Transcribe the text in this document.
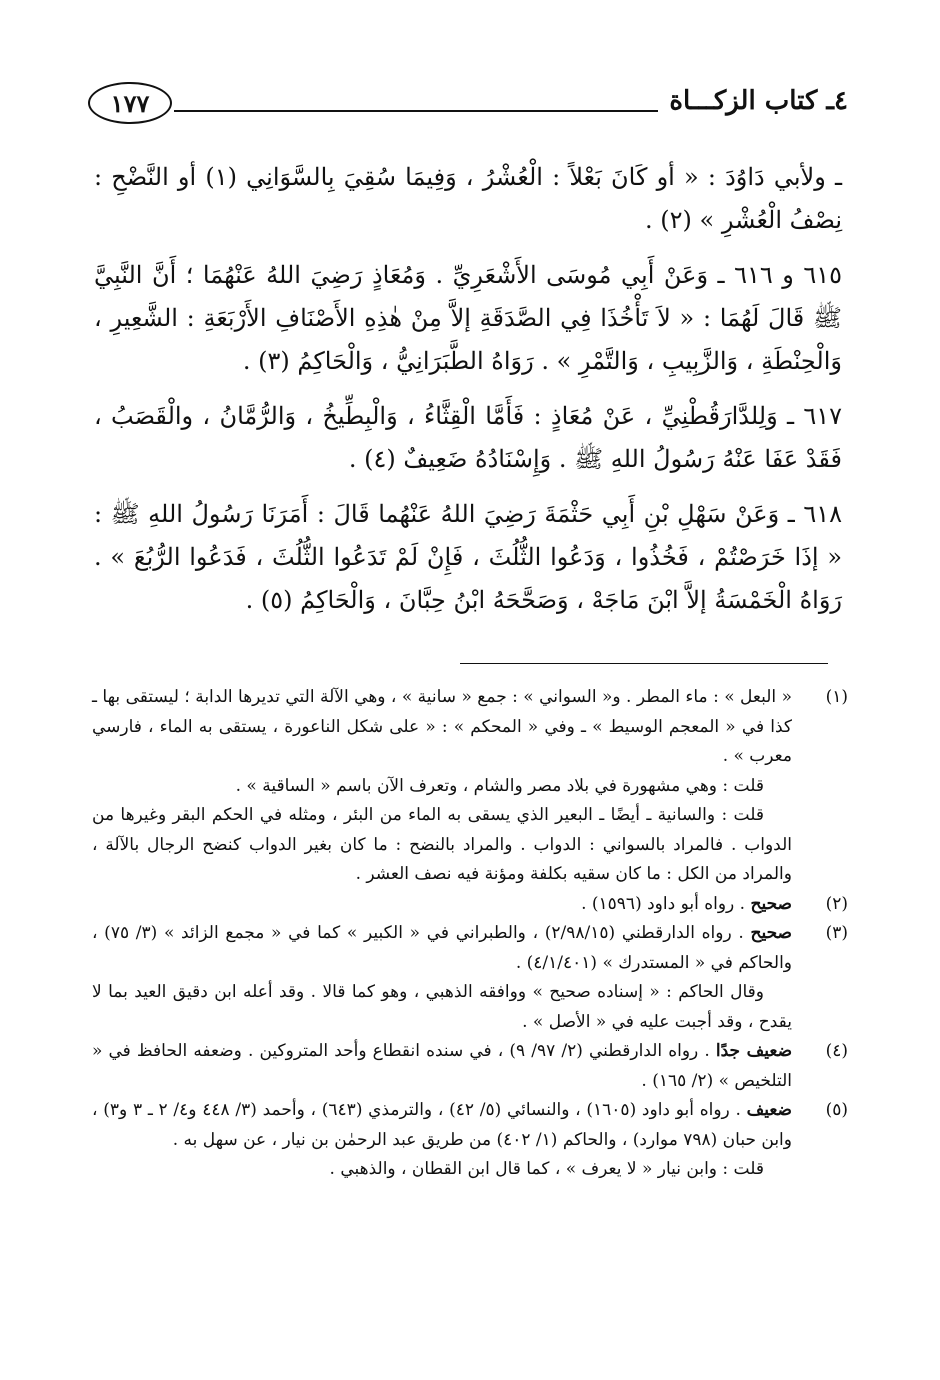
٤ـ كتاب الزكـــاة
١٧٧

ـ ولأبي دَاوُدَ : « أو كَانَ بَعْلاً : الْعُشْرُ ، وَفِيمَا سُقِيَ بِالسَّوَانِي (١) أو النَّضْحِ : نِصْفُ الْعُشْرِ » (٢) .

٦١٥ و ٦١٦ ـ وَعَنْ أَبِي مُوسَى الأَشْعَرِيِّ . وَمُعَاذٍ رَضِيَ اللهُ عَنْهُمَا ؛ أَنَّ النَّبِيَّ ﷺ قَالَ لَهُمَا : « لاَ تَأْخُذَا فِي الصَّدَقَةِ إلاَّ مِنْ هٰذِهِ الأَصْنَافِ الأَرْبَعَةِ : الشَّعِيرِ ، وَالْحِنْطَةِ ، وَالزَّبِيبِ ، وَالتَّمْرِ » . رَوَاهُ الطَّبَرَانِيُّ ، وَالْحَاكِمُ (٣) .

٦١٧ ـ وَلِلدَّارَقُطْنِيِّ ، عَنْ مُعَاذٍ : فَأَمَّا الْقِثَّاءُ ، وَالْبِطِّيخُ ، وَالرُّمَّانُ ، والْقَصَبُ ، فَقَدْ عَفَا عَنْهُ رَسُولُ اللهِ ﷺ . وَإِسْنَادُهُ ضَعِيفٌ (٤) .

٦١٨ ـ وَعَنْ سَهْلِ بْنِ أَبِي حَثْمَةَ رَضِيَ اللهُ عَنْهُما قَالَ : أَمَرَنَا رَسُولُ اللهِ ﷺ : « إذَا خَرَصْتُمْ ، فَخُذُوا ، وَدَعُوا الثُّلُثَ ، فَإِنْ لَمْ تَدَعُوا الثُّلُثَ ، فَدَعُوا الرُّبُعَ » . رَوَاهُ الْخَمْسَةُ إلاَّ ابْنَ مَاجَهْ ، وَصَحَّحَهُ ابْنُ حِبَّانَ ، وَالْحَاكِمُ (٥) .

(١)
« البعل » : ماء المطر . و« السواني » : جمع « سانية » ، وهي الآلة التي تديرها الدابة ؛ ليستقى بها ـ كذا في « المعجم الوسيط » ـ وفي « المحكم » : « على شكل الناعورة ، يستقى به الماء ، فارسي معرب » .

قلت : وهي مشهورة في بلاد مصر والشام ، وتعرف الآن باسم « الساقية » .

قلت : والسانية ـ أيضًا ـ البعير الذي يسقى به الماء من البئر ، ومثله في الحكم البقر وغيرها من الدواب . فالمراد بالسواني : الدواب . والمراد بالنضح : ما كان بغير الدواب كنضح الرجال بالآلة ، والمراد من الكل : ما كان سقيه بكلفة ومؤنة فيه نصف العشر .

(٢)
صحيح . رواه أبو داود (١٥٩٦) .

(٣)
صحيح . رواه الدارقطني (٢/٩٨/١٥) ، والطبراني في « الكبير » كما في « مجمع الزائد » (٣/ ٧٥) ، والحاكم في « المستدرك » (٤/١/٤٠١) .

وقال الحاكم : « إسناده صحيح » ووافقه الذهبي ، وهو كما قالا . وقد أعله ابن دقيق العيد بما لا يقدح ، وقد أجبت عليه في « الأصل » .

(٤)
ضعيف جدًا . رواه الدارقطني (٢/ ٩٧/ ٩) ، في سنده انقطاع وأحد المتروكين . وضعفه الحافظ في « التلخيص » (٢/ ١٦٥) .

(٥)
ضعيف . رواه أبو داود (١٦٠٥) ، والنسائي (٥/ ٤٢) ، والترمذي (٦٤٣) ، وأحمد (٣/ ٤٤٨ و٤/ ٢ ـ ٣ و٣) ، وابن حبان (٧٩٨ موارد) ، والحاكم (١/ ٤٠٢) من طريق عبد الرحمٰن بن نيار ، عن سهل به .

قلت : وابن نيار « لا يعرف » ، كما قال ابن القطان ، والذهبي .
